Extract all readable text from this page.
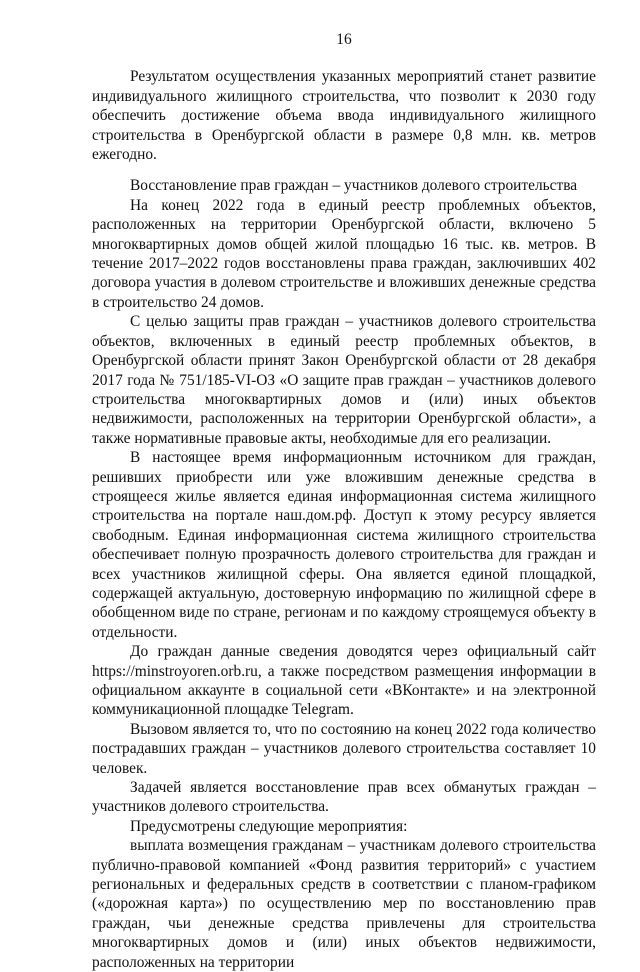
16

Результатом осуществления указанных мероприятий станет развитие индивидуального жилищного строительства, что позволит к 2030 году обеспечить достижение объема ввода индивидуального жилищного строительства в Оренбургской области в размере 0,8 млн. кв. метров ежегодно.

Восстановление прав граждан – участников долевого строительства

На конец 2022 года в единый реестр проблемных объектов, расположенных на территории Оренбургской области, включено 5 многоквартирных домов общей жилой площадью 16 тыс. кв. метров. В течение 2017–2022 годов восстановлены права граждан, заключивших 402 договора участия в долевом строительстве и вложивших денежные средства в строительство 24 домов.

С целью защиты прав граждан – участников долевого строительства объектов, включенных в единый реестр проблемных объектов, в Оренбургской области принят Закон Оренбургской области от 28 декабря 2017 года № 751/185-VI-ОЗ «О защите прав граждан – участников долевого строительства многоквартирных домов и (или) иных объектов недвижимости, расположенных на территории Оренбургской области», а также нормативные правовые акты, необходимые для его реализации.

В настоящее время информационным источником для граждан, решивших приобрести или уже вложившим денежные средства в строящееся жилье является единая информационная система жилищного строительства на портале наш.дом.рф. Доступ к этому ресурсу является свободным. Единая информационная система жилищного строительства обеспечивает полную прозрачность долевого строительства для граждан и всех участников жилищной сферы. Она является единой площадкой, содержащей актуальную, достоверную информацию по жилищной сфере в обобщенном виде по стране, регионам и по каждому строящемуся объекту в отдельности.

До граждан данные сведения доводятся через официальный сайт https://minstroyoren.orb.ru, а также посредством размещения информации в официальном аккаунте в социальной сети «ВКонтакте» и на электронной коммуникационной площадке Telegram.

Вызовом является то, что по состоянию на конец 2022 года количество пострадавших граждан – участников долевого строительства составляет 10 человек.

Задачей является восстановление прав всех обманутых граждан – участников долевого строительства.

Предусмотрены следующие мероприятия:

выплата возмещения гражданам – участникам долевого строительства публично-правовой компанией «Фонд развития территорий» с участием региональных и федеральных средств в соответствии с планом-графиком («дорожная карта») по осуществлению мер по восстановлению прав граждан, чьи денежные средства привлечены для строительства многоквартирных домов и (или) иных объектов недвижимости, расположенных на территории
